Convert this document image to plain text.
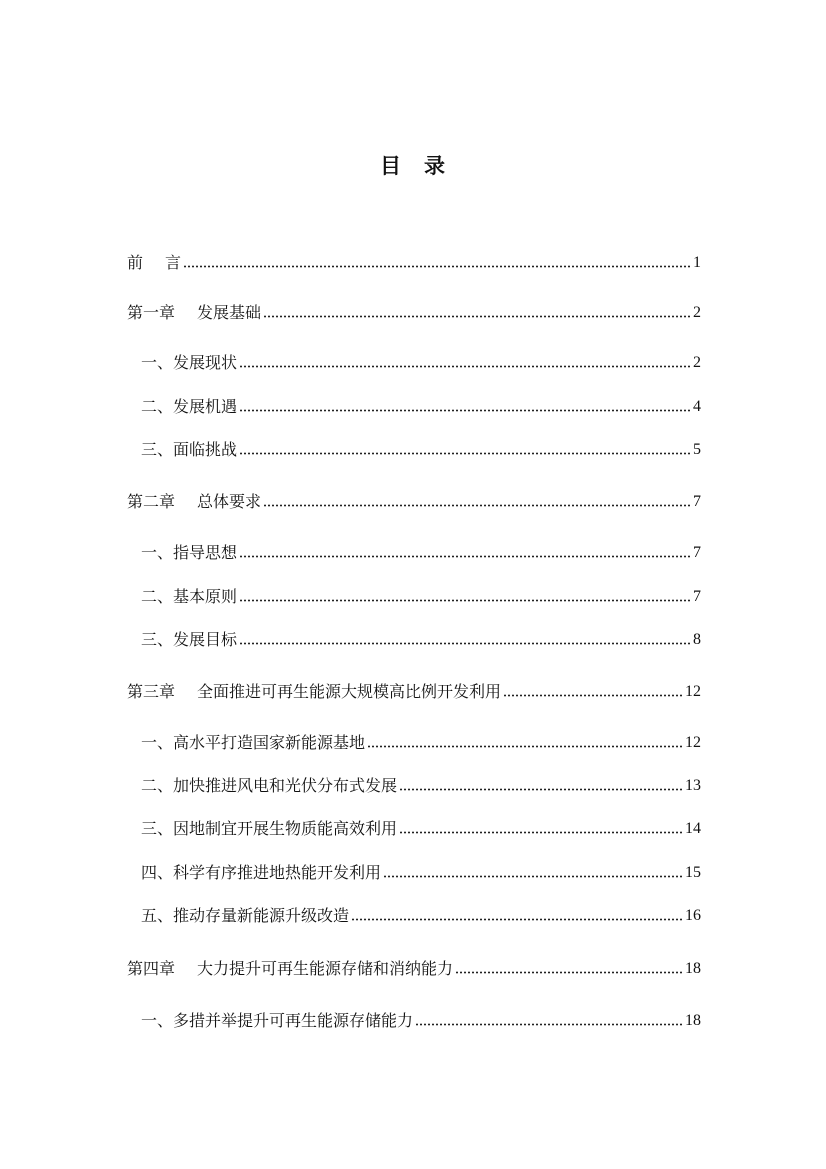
目　录
前 言	1
第一章 发展基础	2
一、发展现状	2
二、发展机遇	4
三、面临挑战	5
第二章 总体要求	7
一、指导思想	7
二、基本原则	7
三、发展目标	8
第三章 全面推进可再生能源大规模高比例开发利用	12
一、高水平打造国家新能源基地	12
二、加快推进风电和光伏分布式发展	13
三、因地制宜开展生物质能高效利用	14
四、科学有序推进地热能开发利用	15
五、推动存量新能源升级改造	16
第四章 大力提升可再生能源存储和消纳能力	18
一、多措并举提升可再生能源存储能力	18
